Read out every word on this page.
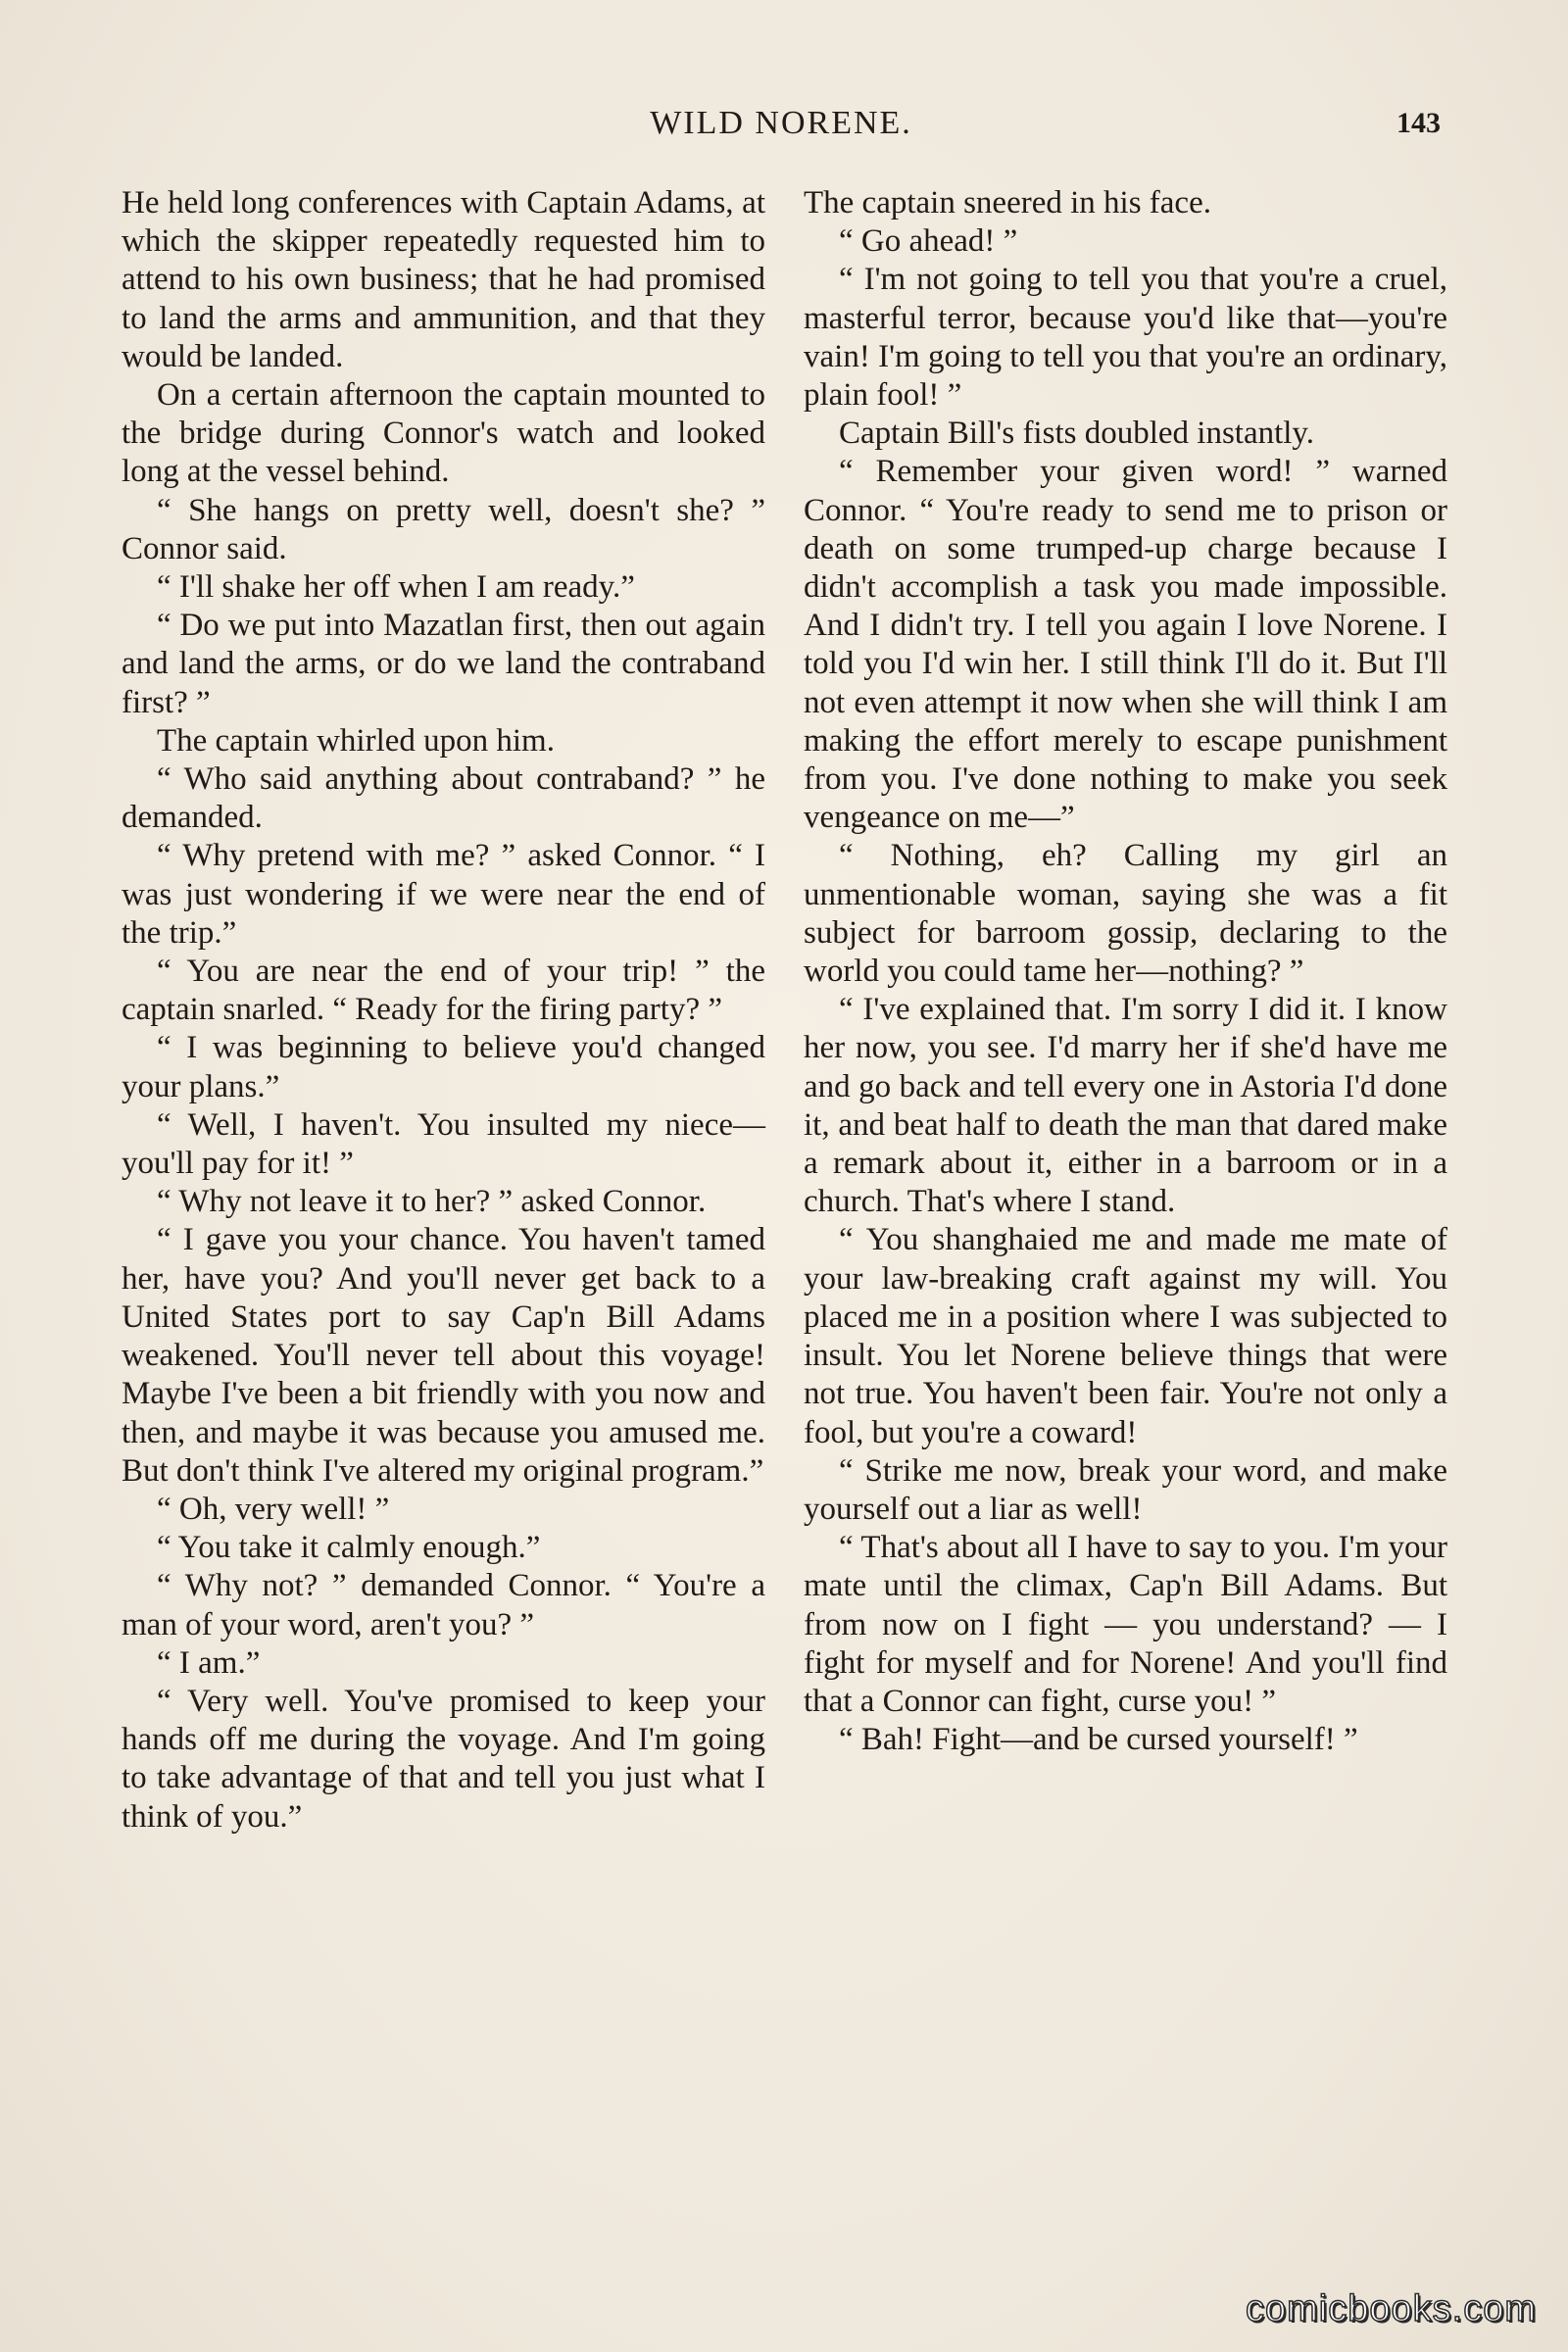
WILD NORENE.	143

He held long conferences with Captain Adams, at which the skipper repeatedly requested him to attend to his own business; that he had promised to land the arms and ammunition, and that they would be landed.

On a certain afternoon the captain mounted to the bridge during Connor's watch and looked long at the vessel behind.

“ She hangs on pretty well, doesn't she? ” Connor said.

“ I'll shake her off when I am ready.”

“ Do we put into Mazatlan first, then out again and land the arms, or do we land the contraband first? ”

The captain whirled upon him.

“ Who said anything about contraband? ” he demanded.

“ Why pretend with me? ” asked Connor. “ I was just wondering if we were near the end of the trip.”

“ You are near the end of your trip! ” the captain snarled. “ Ready for the firing party? ”

“ I was beginning to believe you'd changed your plans.”

“ Well, I haven't. You insulted my niece—you'll pay for it! ”

“ Why not leave it to her? ” asked Connor.

“ I gave you your chance. You haven't tamed her, have you? And you'll never get back to a United States port to say Cap'n Bill Adams weakened. You'll never tell about this voyage! Maybe I've been a bit friendly with you now and then, and maybe it was because you amused me. But don't think I've altered my original program.”

“ Oh, very well! ”

“ You take it calmly enough.”

“ Why not? ” demanded Connor. “ You're a man of your word, aren't you? ”

“ I am.”

“ Very well. You've promised to keep your hands off me during the voyage. And I'm going to take advantage of that and tell you just what I think of you.”

The captain sneered in his face.

“ Go ahead! ”

“ I'm not going to tell you that you're a cruel, masterful terror, because you'd like that—you're vain! I'm going to tell you that you're an ordinary, plain fool! ”

Captain Bill's fists doubled instantly.

“ Remember your given word! ” warned Connor. “ You're ready to send me to prison or death on some trumped-up charge because I didn't accomplish a task you made impossible. And I didn't try. I tell you again I love Norene. I told you I'd win her. I still think I'll do it. But I'll not even attempt it now when she will think I am making the effort merely to escape punishment from you. I've done nothing to make you seek vengeance on me—”

“ Nothing, eh? Calling my girl an unmentionable woman, saying she was a fit subject for barroom gossip, declaring to the world you could tame her—nothing? ”

“ I've explained that. I'm sorry I did it. I know her now, you see. I'd marry her if she'd have me and go back and tell every one in Astoria I'd done it, and beat half to death the man that dared make a remark about it, either in a barroom or in a church. That's where I stand.

“ You shanghaied me and made me mate of your law-breaking craft against my will. You placed me in a position where I was subjected to insult. You let Norene believe things that were not true. You haven't been fair. You're not only a fool, but you're a coward!

“ Strike me now, break your word, and make yourself out a liar as well!

“ That's about all I have to say to you. I'm your mate until the climax, Cap'n Bill Adams. But from now on I fight — you understand? — I fight for myself and for Norene! And you'll find that a Connor can fight, curse you! ”

“ Bah! Fight—and be cursed yourself! ”

comicbooks.com
